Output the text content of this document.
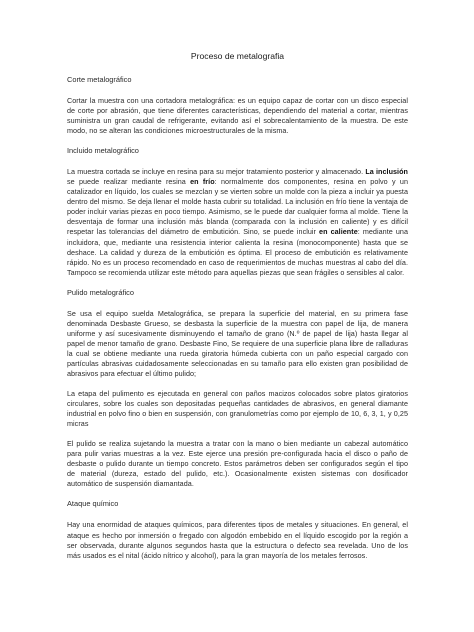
Proceso de metalografia
Corte metalográfico

Cortar la muestra con una cortadora metalográfica: es un equipo capaz de cortar con un disco especial de corte por abrasión, que tiene diferentes características, dependiendo del material a cortar, mientras suministra un gran caudal de refrigerante, evitando así el sobrecalentamiento de la muestra. De este modo, no se alteran las condiciones microestructurales de la misma.

Incluido metalográfico

La muestra cortada se incluye en resina para su mejor tratamiento posterior y almacenado. La inclusión se puede realizar mediante resina en frío: normalmente dos componentes, resina en polvo y un catalizador en líquido, los cuales se mezclan y se vierten sobre un molde con la pieza a incluir ya puesta dentro del mismo. Se deja llenar el molde hasta cubrir su totalidad. La inclusión en frío tiene la ventaja de poder incluir varias piezas en poco tiempo. Asimismo, se le puede dar cualquier forma al molde. Tiene la desventaja de formar una inclusión más blanda (comparada con la inclusión en caliente) y es difícil respetar las tolerancias del diámetro de embutición. Sino, se puede incluir en caliente: mediante una incluidora, que, mediante una resistencia interior calienta la resina (monocomponente) hasta que se deshace. La calidad y dureza de la embutición es óptima. El proceso de embutición es relativamente rápido. No es un proceso recomendado en caso de requerimientos de muchas muestras al cabo del día. Tampoco se recomienda utilizar este método para aquellas piezas que sean frágiles o sensibles al calor.

Pulido metalográfico

Se usa el equipo suelda Metalográfica, se prepara la superficie del material, en su primera fase denominada Desbaste Grueso, se desbasta la superficie de la muestra con papel de lija, de manera uniforme y así sucesivamente disminuyendo el tamaño de grano (N.º de papel de lija) hasta llegar al papel de menor tamaño de grano. Desbaste Fino, Se requiere de una superficie plana libre de ralladuras la cual se obtiene mediante una rueda giratoria húmeda cubierta con un paño especial cargado con partículas abrasivas cuidadosamente seleccionadas en su tamaño para ello existen gran posibilidad de abrasivos para efectuar el último pulido;

La etapa del pulimento es ejecutada en general con paños macizos colocados sobre platos giratorios circulares, sobre los cuales son depositadas pequeñas cantidades de abrasivos, en general diamante industrial en polvo fino o bien en suspensión, con granulometrías como por ejemplo de 10, 6, 3, 1, y 0,25 micras

El pulido se realiza sujetando la muestra a tratar con la mano o bien mediante un cabezal automático para pulir varias muestras a la vez. Este ejerce una presión pre-configurada hacia el disco o paño de desbaste o pulido durante un tiempo concreto. Estos parámetros deben ser configurados según el tipo de material (dureza, estado del pulido, etc.). Ocasionalmente existen sistemas con dosificador automático de suspensión diamantada.

Ataque químico

Hay una enormidad de ataques químicos, para diferentes tipos de metales y situaciones. En general, el ataque es hecho por inmersión o fregado con algodón embebido en el líquido escogido por la región a ser observada, durante algunos segundos hasta que la estructura o defecto sea revelada. Uno de los más usados es el nital (ácido nítrico y alcohol), para la gran mayoría de los metales ferrosos.
